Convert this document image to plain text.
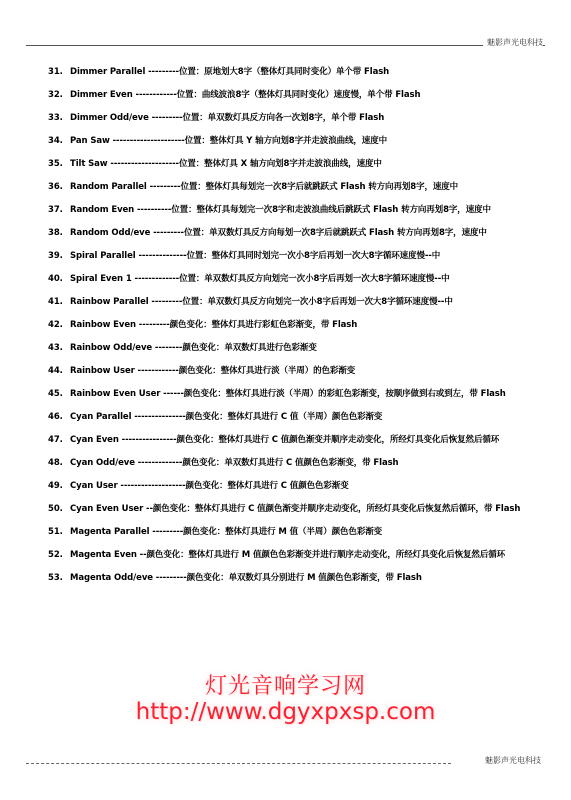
魅影声光电科技
31. Dimmer Parallel ---------位置：原地划大8字（整体灯具同时变化）单个带 Flash
32. Dimmer Even ------------位置：曲线波浪8字（整体灯具同时变化）速度慢，单个带 Flash
33. Dimmer Odd/eve ---------位置：单双数灯具反方向各一次划8字，单个带 Flash
34. Pan Saw ---------------------位置：整体灯具 Y 轴方向划8字并走波浪曲线，速度中
35. Tilt Saw --------------------位置：整体灯具 X 轴方向划8字并走波浪曲线，速度中
36. Random Parallel ---------位置：整体灯具每划完一次8字后就跳跃式 Flash 转方向再划8字，速度中
37. Random Even ----------位置：整体灯具每划完一次8字和走波浪曲线后跳跃式 Flash 转方向再划8字，速度中
38. Random Odd/eve ---------位置：单双数灯具反方向每划一次8字后就跳跃式 Flash 转方向再划8字，速度中
39. Spiral Parallel --------------位置：整体灯具同时划完一次小8字后再划一次大8字循环速度慢--中
40. Spiral Even 1 -------------位置：单双数灯具反方向划完一次小8字后再划一次大8字循环速度慢--中
41. Rainbow Parallel ---------位置：单双数灯具反方向划完一次小8字后再划一次大8字循环速度慢--中
42. Rainbow Even ---------颜色变化：整体灯具进行彩虹色彩渐变，带 Flash
43. Rainbow Odd/eve --------颜色变化：单双数灯具进行色彩渐变
44. Rainbow User ------------颜色变化：整体灯具进行淡（半周）的色彩渐变
45. Rainbow Even User ------颜色变化：整体灯具进行淡（半周）的彩虹色彩渐变，按顺序做到右或到左，带 Flash
46. Cyan Parallel ---------------颜色变化：整体灯具进行 C 值（半周）颜色色彩渐变
47. Cyan Even ----------------颜色变化：整体灯具进行 C 值颜色渐变并顺序走动变化，所经灯具变化后恢复然后循环
48. Cyan Odd/eve -------------颜色变化：单双数灯具进行 C 值颜色色彩渐变，带 Flash
49. Cyan User -------------------颜色变化：整体灯具进行 C 值颜色色彩渐变
50. Cyan Even User --颜色变化：整体灯具进行 C 值颜色渐变并顺序走动变化，所经灯具变化后恢复然后循环，带 Flash
51. Magenta Parallel ---------颜色变化：整体灯具进行 M 值（半周）颜色色彩渐变
52. Magenta Even --颜色变化：整体灯具进行 M 值颜色色彩渐变并进行顺序走动变化，所经灯具变化后恢复然后循环
53. Magenta Odd/eve ---------颜色变化：单双数灯具分别进行 M 值颜色色彩渐变，带 Flash
灯光音响学习网
http://www.dgyxpxsp.com
魅影声光电科技
